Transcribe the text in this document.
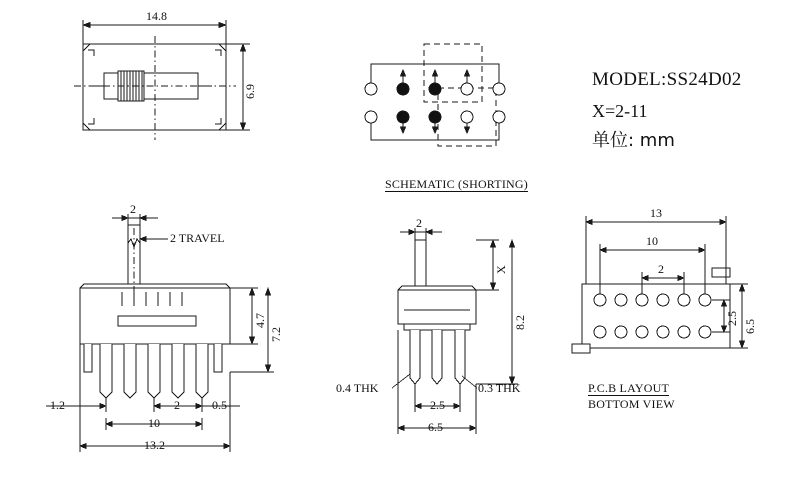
MODEL:SS24D02
X=2-11
单位: mm
SCHEMATIC (SHORTING)
P.C.B LAYOUT
BOTTOM VIEW
14.8
6.9
2
2 TRAVEL
4.7
7.2
1.2	2	0.5
10
13.2
2
X
8.2
0.4 THK	0.3 THK
2.5
6.5
13
10
2
2.5
6.5
